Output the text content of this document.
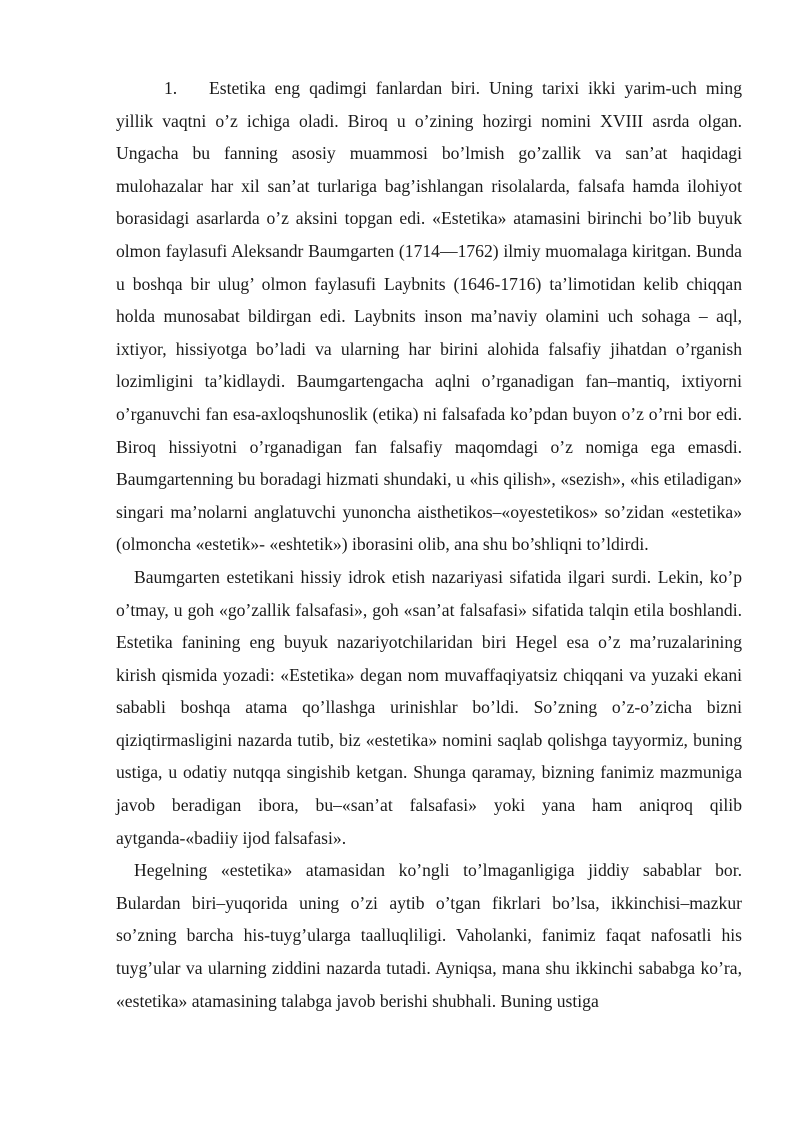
1. Estetika eng qadimgi fanlardan biri. Uning tarixi ikki yarim-uch ming yillik vaqtni o’z ichiga oladi. Biroq u o’zining hozirgi nomini XVIII asrda olgan. Ungacha bu fanning asosiy muammosi bo’lmish go’zallik va san’at haqidagi mulohazalar har xil san’at turlariga bag’ishlangan risolalarda, falsafa hamda ilohiyot borasidagi asarlarda o’z aksini topgan edi. «Estetika» atamasini birinchi bo’lib buyuk olmon faylasufi Aleksandr Baumgarten (1714—1762) ilmiy muomalaga kiritgan. Bunda u boshqa bir ulug’ olmon faylasufi Laybnits (1646-1716) ta’limotidan kelib chiqqan holda munosabat bildirgan edi. Laybnits inson ma’naviy olamini uch sohaga – aql, ixtiyor, hissiyotga bo’ladi va ularning har birini alohida falsafiy jihatdan o’rganish lozimligini ta’kidlaydi. Baumgartengacha aqlni o’rganadigan fan–mantiq, ixtiyorni o’rganuvchi fan esa-axloqshunoslik (etika) ni falsafada ko’pdan buyon o’z o’rni bor edi. Biroq hissiyotni o’rganadigan fan falsafiy maqomdagi o’z nomiga ega emasdi. Baumgartenning bu boradagi hizmati shundaki, u «his qilish», «sezish», «his etiladigan» singari ma’nolarni anglatuvchi yunoncha aisthetikos–«oyestetikos» so’zidan «estetika» (olmoncha «estetik»- «eshtetik») iborasini olib, ana shu bo’shliqni to’ldirdi.

Baumgarten estetikani hissiy idrok etish nazariyasi sifatida ilgari surdi. Lekin, ko’p o’tmay, u goh «go’zallik falsafasi», goh «san’at falsafasi» sifatida talqin etila boshlandi. Estetika fanining eng buyuk nazariyotchilaridan biri Hegel esa o’z ma’ruzalarining kirish qismida yozadi: «Estetika» degan nom muvaffaqiyatsiz chiqqani va yuzaki ekani sababli boshqa atama qo’llashga urinishlar bo’ldi. So’zning o’z-o’zicha bizni qiziqtirmasligini nazarda tutib, biz «estetika» nomini saqlab qolishga tayyormiz, buning ustiga, u odatiy nutqqa singishib ketgan. Shunga qaramay, bizning fanimiz mazmuniga javob beradigan ibora, bu–«san’at falsafasi» yoki yana ham aniqroq qilib aytganda-«badiiy ijod falsafasi».

Hegelning «estetika» atamasidan ko’ngli to’lmaganligiga jiddiy sabablar bor. Bulardan biri–yuqorida uning o’zi aytib o’tgan fikrlari bo’lsa, ikkinchisi–mazkur so’zning barcha his-tuyg’ularga taalluqliligi. Vaholanki, fanimiz faqat nafosatli his tuyg’ular va ularning ziddini nazarda tutadi. Ayniqsa, mana shu ikkinchi sababga ko’ra, «estetika» atamasining talabga javob berishi shubhali. Buning ustiga
